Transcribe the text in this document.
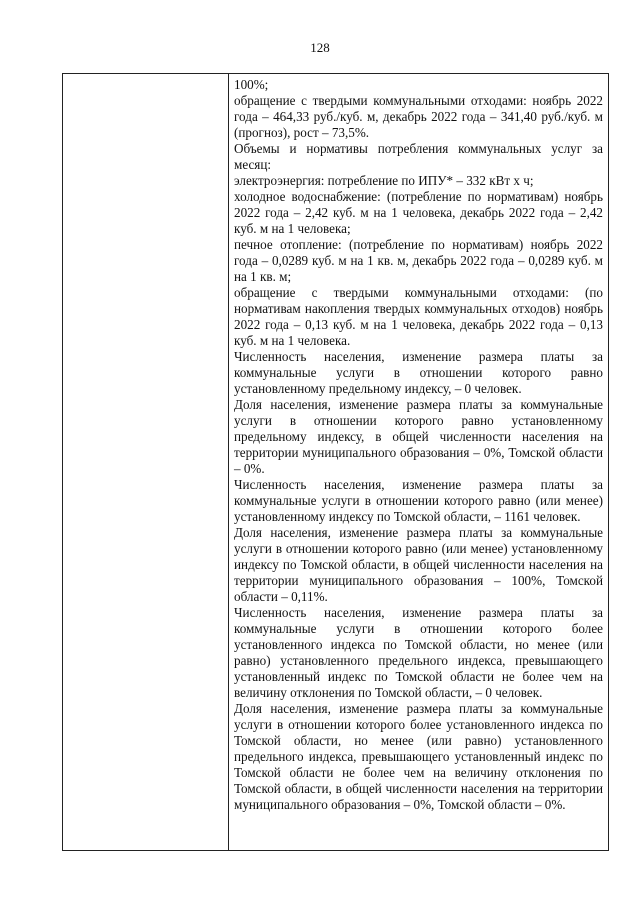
128

100%;

обращение с твердыми коммунальными отходами: ноябрь 2022 года – 464,33 руб./куб. м, декабрь 2022 года – 341,40 руб./куб. м (прогноз), рост – 73,5%.

Объемы и нормативы потребления коммунальных услуг за месяц:

электроэнергия: потребление по ИПУ* – 332 кВт х ч;

холодное водоснабжение: (потребление по нормативам) ноябрь 2022 года – 2,42 куб. м на 1 человека, декабрь 2022 года – 2,42 куб. м на 1 человека;

печное отопление: (потребление по нормативам) ноябрь 2022 года – 0,0289 куб. м на 1 кв. м, декабрь 2022 года – 0,0289 куб. м на 1 кв. м;

обращение с твердыми коммунальными отходами: (по нормативам накопления твердых коммунальных отходов) ноябрь 2022 года – 0,13 куб. м на 1 человека, декабрь 2022 года – 0,13 куб. м на 1 человека.

Численность населения, изменение размера платы за коммунальные услуги в отношении которого равно установленному предельному индексу, – 0 человек.

Доля населения, изменение размера платы за коммунальные услуги в отношении которого равно установленному предельному индексу, в общей численности населения на территории муниципального образования – 0%, Томской области – 0%.

Численность населения, изменение размера платы за коммунальные услуги в отношении которого равно (или менее) установленному индексу по Томской области, – 1161 человек.

Доля населения, изменение размера платы за коммунальные услуги в отношении которого равно (или менее) установленному индексу по Томской области, в общей численности населения на территории муниципального образования – 100%, Томской области – 0,11%.

Численность населения, изменение размера платы за коммунальные услуги в отношении которого более установленного индекса по Томской области, но менее (или равно) установленного предельного индекса, превышающего установленный индекс по Томской области не более чем на величину отклонения по Томской области, – 0 человек.

Доля населения, изменение размера платы за коммунальные услуги в отношении которого более установленного индекса по Томской области, но менее (или равно) установленного предельного индекса, превышающего установленный индекс по Томской области не более чем на величину отклонения по Томской области, в общей численности населения на территории муниципального образования – 0%, Томской области – 0%.
